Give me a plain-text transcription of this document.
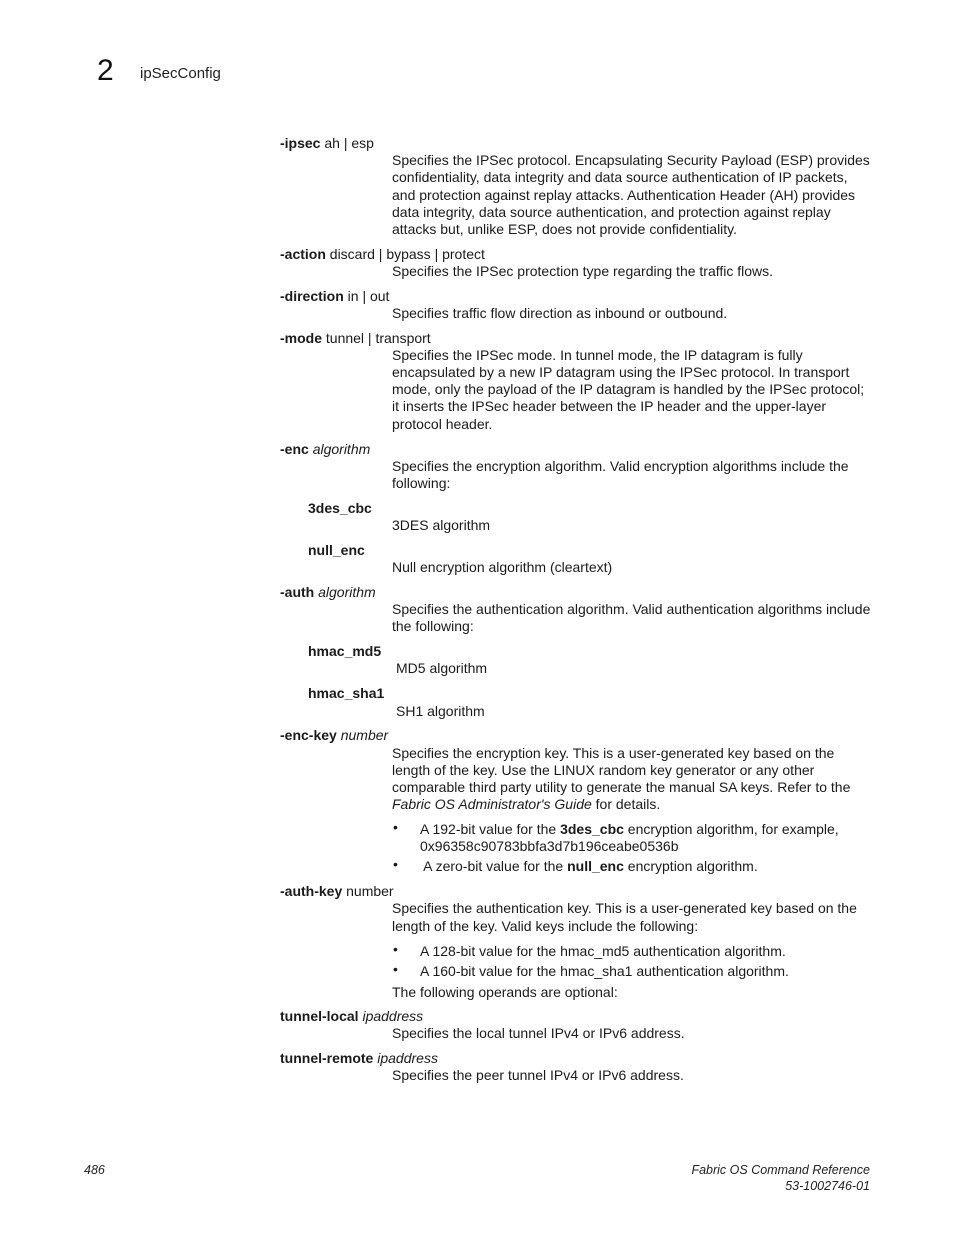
2 ipSecConfig
-ipsec ah | esp
Specifies the IPSec protocol. Encapsulating Security Payload (ESP) provides
confidentiality, data integrity and data source authentication of IP packets,
and protection against replay attacks. Authentication Header (AH) provides
data integrity, data source authentication, and protection against replay
attacks but, unlike ESP, does not provide confidentiality.
-action discard | bypass | protect
Specifies the IPSec protection type regarding the traffic flows.
-direction in | out
Specifies traffic flow direction as inbound or outbound.
-mode tunnel | transport
Specifies the IPSec mode. In tunnel mode, the IP datagram is fully
encapsulated by a new IP datagram using the IPSec protocol. In transport
mode, only the payload of the IP datagram is handled by the IPSec protocol;
it inserts the IPSec header between the IP header and the upper-layer
protocol header.
-enc algorithm
Specifies the encryption algorithm. Valid encryption algorithms include the
following:
3des_cbc
3DES algorithm
null_enc
Null encryption algorithm (cleartext)
-auth algorithm
Specifies the authentication algorithm. Valid authentication algorithms include
the following:
hmac_md5
MD5 algorithm
hmac_sha1
SH1 algorithm
-enc-key number
Specifies the encryption key. This is a user-generated key based on the
length of the key. Use the LINUX random key generator or any other
comparable third party utility to generate the manual SA keys. Refer to the
Fabric OS Administrator's Guide for details.
• A 192-bit value for the 3des_cbc encryption algorithm, for example,
0x96358c90783bbfa3d7b196ceabe0536b
• A zero-bit value for the null_enc encryption algorithm.
-auth-key number
Specifies the authentication key. This is a user-generated key based on the
length of the key. Valid keys include the following:
• A 128-bit value for the hmac_md5 authentication algorithm.
• A 160-bit value for the hmac_sha1 authentication algorithm.
The following operands are optional:
tunnel-local ipaddress
Specifies the local tunnel IPv4 or IPv6 address.
tunnel-remote ipaddress
Specifies the peer tunnel IPv4 or IPv6 address.
486	Fabric OS Command Reference
53-1002746-01
